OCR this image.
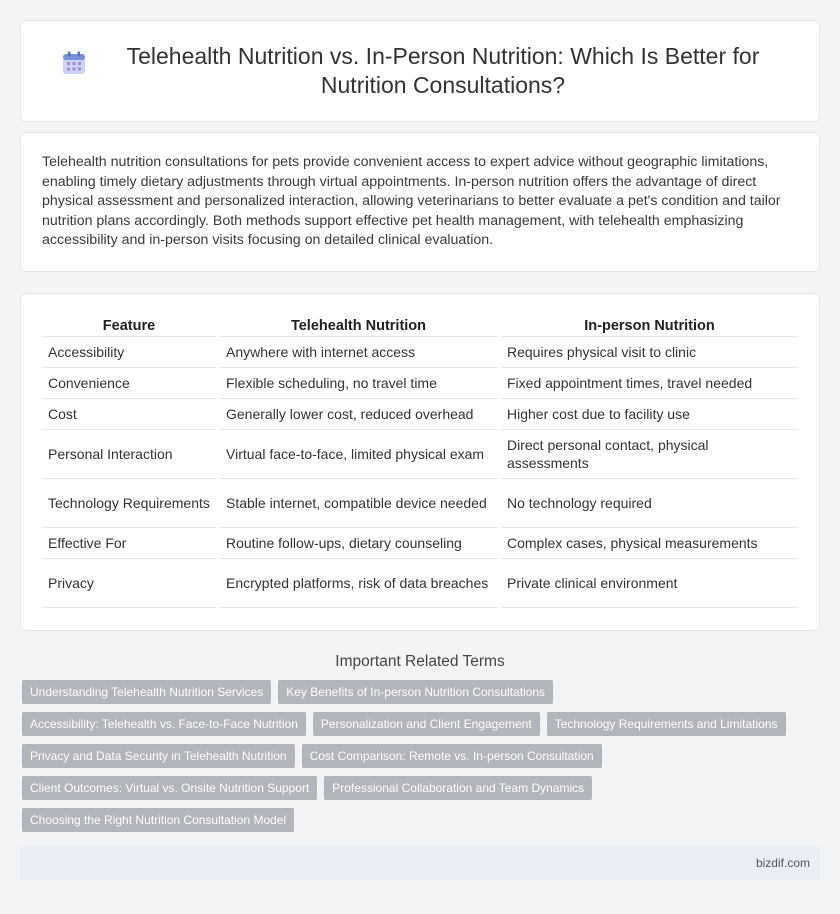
Telehealth Nutrition vs. In-Person Nutrition: Which Is Better for Nutrition Consultations?

Telehealth nutrition consultations for pets provide convenient access to expert advice without geographic limitations, enabling timely dietary adjustments through virtual appointments. In-person nutrition offers the advantage of direct physical assessment and personalized interaction, allowing veterinarians to better evaluate a pet's condition and tailor nutrition plans accordingly. Both methods support effective pet health management, with telehealth emphasizing accessibility and in-person visits focusing on detailed clinical evaluation.

Feature	Telehealth Nutrition	In-person Nutrition
Accessibility	Anywhere with internet access	Requires physical visit to clinic
Convenience	Flexible scheduling, no travel time	Fixed appointment times, travel needed
Cost	Generally lower cost, reduced overhead	Higher cost due to facility use
Personal Interaction	Virtual face-to-face, limited physical exam	Direct personal contact, physical assessments
Technology Requirements	Stable internet, compatible device needed	No technology required
Effective For	Routine follow-ups, dietary counseling	Complex cases, physical measurements
Privacy	Encrypted platforms, risk of data breaches	Private clinical environment
Important Related Terms
Understanding Telehealth Nutrition Services	Key Benefits of In-person Nutrition Consultations
Accessibility: Telehealth vs. Face-to-Face Nutrition	Personalization and Client Engagement	Technology Requirements and Limitations
Privacy and Data Security in Telehealth Nutrition	Cost Comparison: Remote vs. In-person Consultation
Client Outcomes: Virtual vs. Onsite Nutrition Support	Professional Collaboration and Team Dynamics
Choosing the Right Nutrition Consultation Model
bizdif.com
